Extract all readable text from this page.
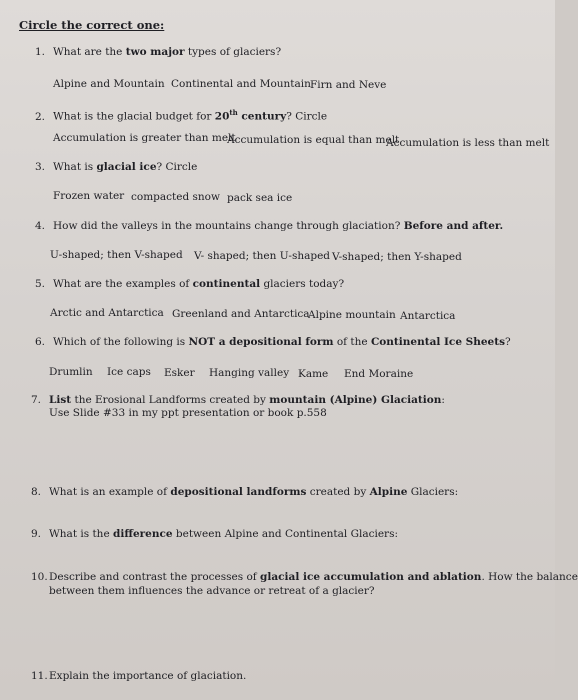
Circle the correct one:
1. What are the two major types of glaciers?
Alpine and Mountain Continental and Mountain Firn and Neve
2. What is the glacial budget for 20th century? Circle
Accumulation is greater than melt
Accumulation is equal than melt
Accumulation is less than melt
3. What is glacial ice? Circle
Frozen water compacted snow pack sea ice
4. How did the valleys in the mountains change through glaciation? Before and after.
U-shaped; then V-shaped V- shaped; then U-shaped V-shaped; then Y-shaped
5. What are the examples of continental glaciers today?
Arctic and Antarctica Greenland and Antarctica
Alpine mountain Antarctica
6. Which of the following is NOT a depositional form of the Continental Ice Sheets?
Drumlin Ice caps Esker Hanging valley Kame End Moraine
7. List the Erosional Landforms created by mountain (Alpine) Glaciation:
Use Slide #33 in my ppt presentation or book p.558
8. What is an example of depositional landforms created by Alpine Glaciers:
9. What is the difference between Alpine and Continental Glaciers:
10.Describe and contrast the processes of glacial ice accumulation and ablation. How the balance
between them influences the advance or retreat of a glacier?
11.Explain the importance of glaciation.
